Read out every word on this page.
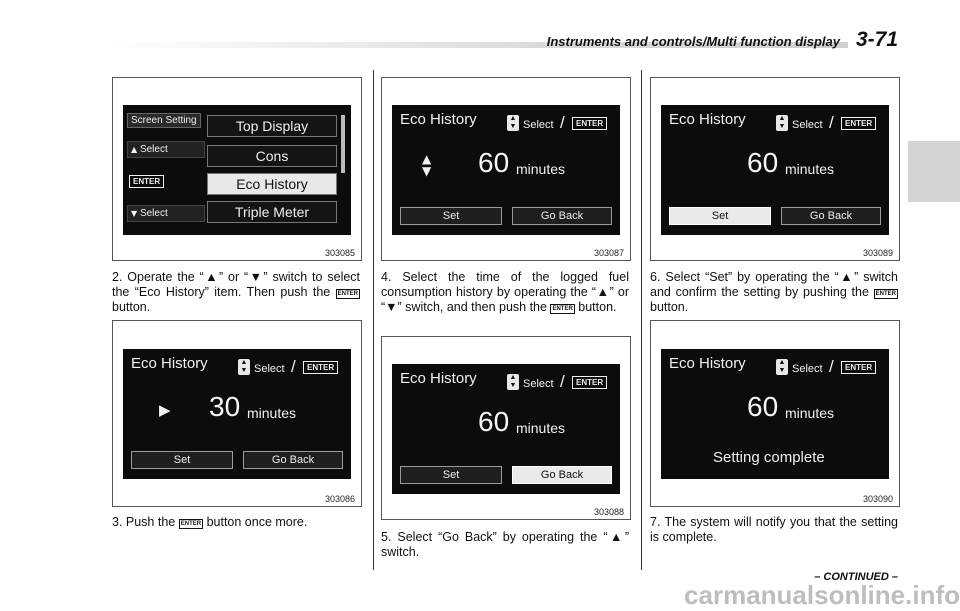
Instruments and controls/Multi function display 3-71
Screen Setting
▲ Select
ENTER
▼ Select
Top Display
Cons
Eco History
Triple Meter
303085
2. Operate the “▲” or “▼” switch to select the “Eco History” item. Then push the ENTER button.
Eco History	▲
▼ Select /	ENTER
▶ 30 minutes
Set	Go Back
303086
3. Push the ENTER button once more.
Eco History	▲
▼ Select /	ENTER
▲
▼ 60 minutes
Set	Go Back
303087
4. Select the time of the logged fuel consumption history by operating the “▲” or “▼” switch, and then push the ENTER button.
Eco History	▲
▼ Select /	ENTER
60 minutes
Set	Go Back
303088
5. Select “Go Back” by operating the “▲” switch.
Eco History	▲
▼ Select /	ENTER
60 minutes
Set	Go Back
303089
6. Select “Set” by operating the “▲” switch and confirm the setting by pushing the ENTER button.
Eco History	▲
▼ Select /	ENTER
60 minutes
Setting complete
303090
7. The system will notify you that the setting is complete.
– CONTINUED –
carmanualsonline.info
